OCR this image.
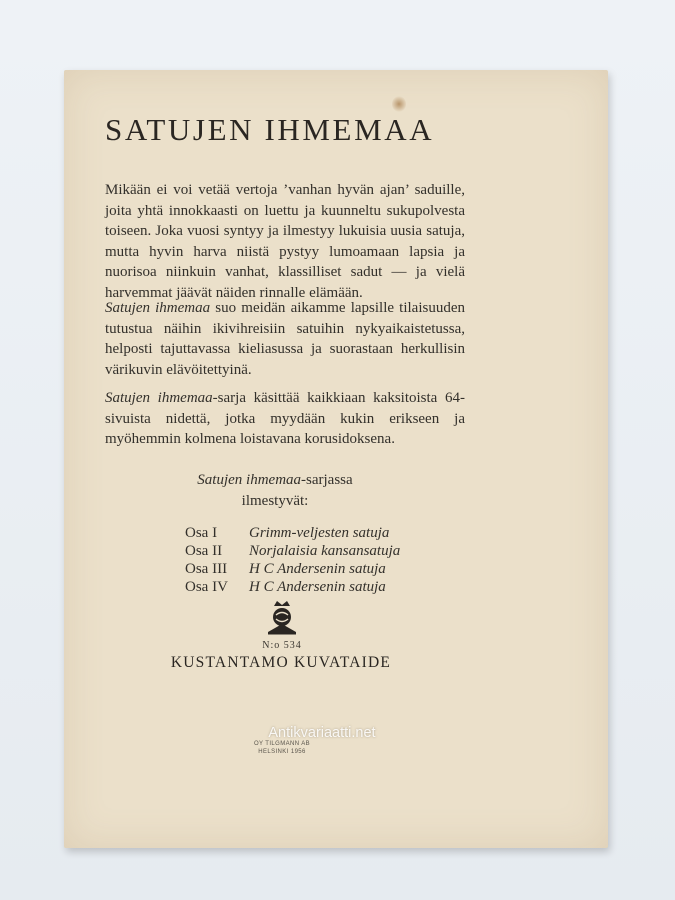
SATUJEN IHMEMAA

Mikään ei voi vetää vertoja ’vanhan hyvän ajan’ saduille, joita yhtä innokkaasti on luettu ja kuunneltu sukupolvesta toiseen. Joka vuosi syntyy ja ilmestyy lukuisia uusia satuja, mutta hyvin harva niistä pystyy lumoamaan lapsia ja nuorisoa niinkuin vanhat, klassilliset sadut — ja vielä harvemmat jäävät näiden rinnalle elämään.

Satujen ihmemaa suo meidän aikamme lapsille tilaisuuden tutustua näihin ikivihreisiin satuihin nykyaikaistetussa, helposti tajuttavassa kieliasussa ja suorastaan herkullisin värikuvin elävöitettyinä.

Satujen ihmemaa-sarja käsittää kaikkiaan kaksitoista 64-sivuista nidettä, jotka myydään kukin erikseen ja myöhemmin kolmena loistavana korusidoksena.

Satujen ihmemaa-sarjassa
ilmestyvät:
Osa I	Grimm-veljesten satuja
Osa II	Norjalaisia kansansatuja
Osa III	H C Andersenin satuja
Osa IV	H C Andersenin satuja
N:o 534
KUSTANTAMO KUVATAIDE
OY TILGMANN AB
HELSINKI 1956
Antikvariaatti.net
